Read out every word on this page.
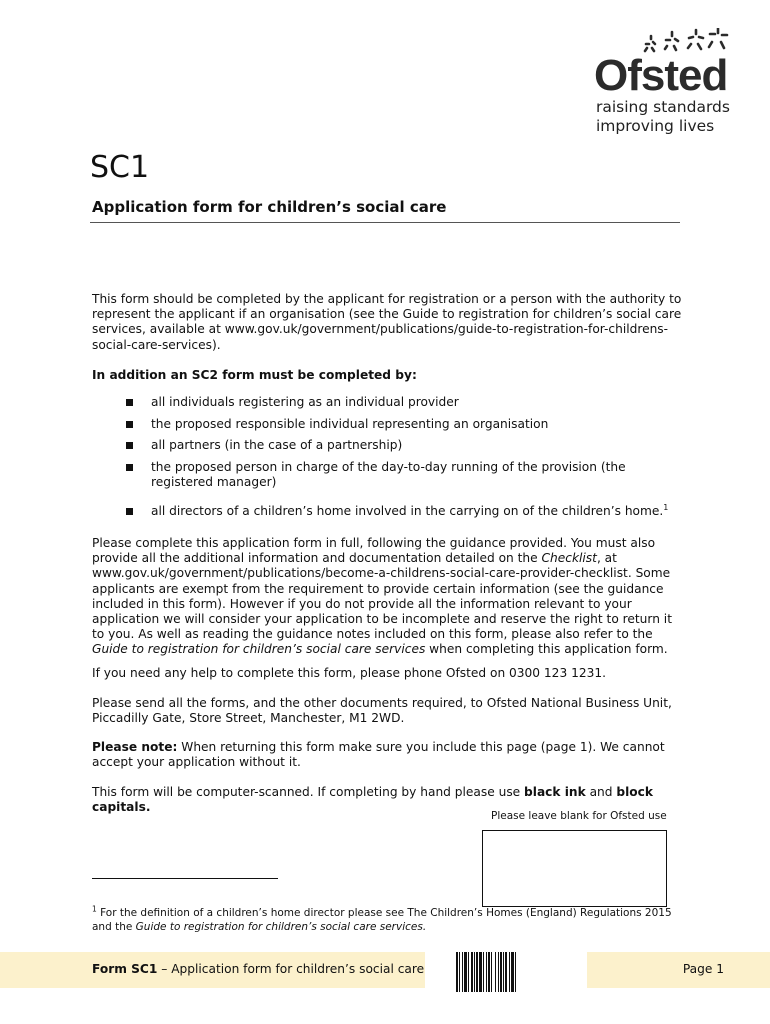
Ofsted
raising standards
improving lives
SC1
Application form for children’s social care

This form should be completed by the applicant for registration or a person with the authority to represent the applicant if an organisation (see the Guide to registration for children’s social care services, available at www.gov.uk/government/publications/guide-to-registration-for-childrens-social-care-services).

In addition an SC2 form must be completed by:

all individuals registering as an individual provider
the proposed responsible individual representing an organisation
all partners (in the case of a partnership)
the proposed person in charge of the day-to-day running of the provision (the registered manager)
all directors of a children’s home involved in the carrying on of the children’s home.$^1$

Please complete this application form in full, following the guidance provided. You must also provide all the additional information and documentation detailed on the Checklist, at www.gov.uk/government/publications/become-a-childrens-social-care-provider-checklist. Some applicants are exempt from the requirement to provide certain information (see the guidance included in this form). However if you do not provide all the information relevant to your application we will consider your application to be incomplete and reserve the right to return it to you. As well as reading the guidance notes included on this form, please also refer to the Guide to registration for children’s social care services when completing this application form.

If you need any help to complete this form, please phone Ofsted on 0300 123 1231.

Please send all the forms, and the other documents required, to Ofsted National Business Unit, Piccadilly Gate, Store Street, Manchester, M1 2WD.

Please note: When returning this form make sure you include this page (page 1). We cannot accept your application without it.

This form will be computer-scanned. If completing by hand please use black ink and block capitals.

Please leave blank for Ofsted use

$^1$ For the definition of a children’s home director please see The Children’s Homes (England) Regulations 2015 and the Guide to registration for children’s social care services.

Form SC1 – Application form for children’s social care	Page 1
